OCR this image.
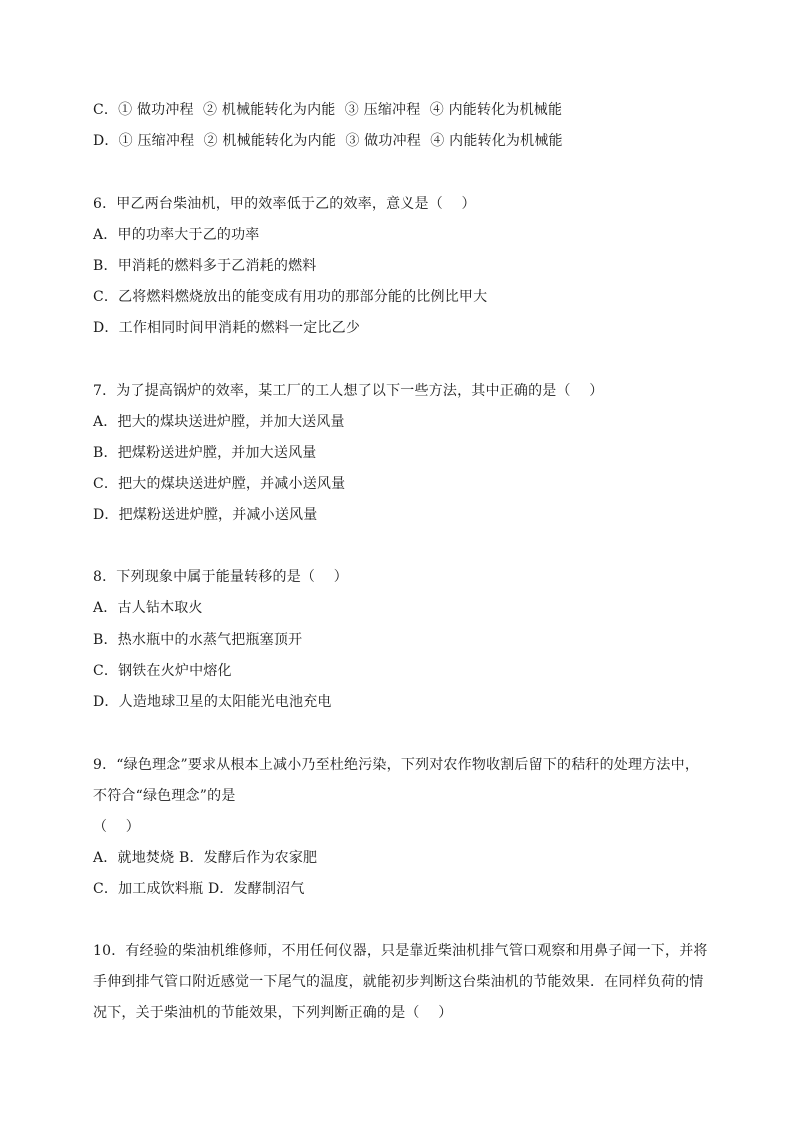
C．① 做功冲程  ② 机械能转化为内能  ③ 压缩冲程  ④ 内能转化为机械能
D．① 压缩冲程  ② 机械能转化为内能  ③ 做功冲程  ④ 内能转化为机械能
6．甲乙两台柴油机，甲的效率低于乙的效率，意义是（    ）
A．甲的功率大于乙的功率
B．甲消耗的燃料多于乙消耗的燃料
C．乙将燃料燃烧放出的能变成有用功的那部分能的比例比甲大
D．工作相同时间甲消耗的燃料一定比乙少
7．为了提高锅炉的效率，某工厂的工人想了以下一些方法，其中正确的是（    ）
A．把大的煤块送进炉膛，并加大送风量
B．把煤粉送进炉膛，并加大送风量
C．把大的煤块送进炉膛，并减小送风量
D．把煤粉送进炉膛，并减小送风量
8．下列现象中属于能量转移的是（    ）
A．古人钻木取火
B．热水瓶中的水蒸气把瓶塞顶开
C．钢铁在火炉中熔化
D．人造地球卫星的太阳能光电池充电
9．“绿色理念”要求从根本上减小乃至杜绝污染，下列对农作物收割后留下的秸秆的处理方法中，
不符合“绿色理念”的是
（    ）
A．就地焚烧 B．发酵后作为农家肥
C．加工成饮料瓶 D．发酵制沼气
10．有经验的柴油机维修师，不用任何仪器，只是靠近柴油机排气管口观察和用鼻子闻一下，并将
手伸到排气管口附近感觉一下尾气的温度，就能初步判断这台柴油机的节能效果．在同样负荷的情
况下，关于柴油机的节能效果，下列判断正确的是（    ）
